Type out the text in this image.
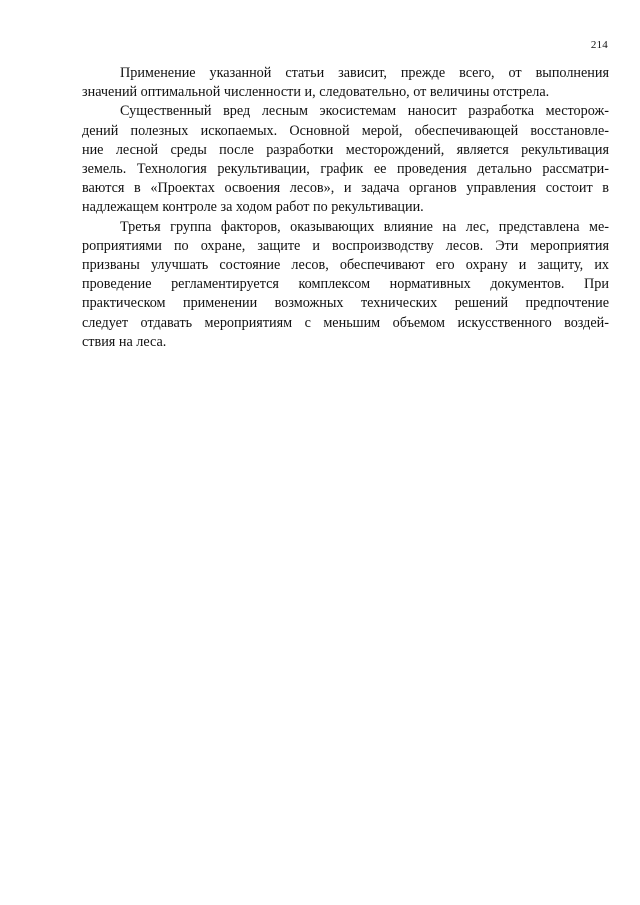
214
Применение указанной статьи зависит, прежде всего, от выполнения
значений оптимальной численности и, следовательно, от величины отстрела.
Существенный вред лесным экосистемам наносит разработка месторож-
дений полезных ископаемых. Основной мерой, обеспечивающей восстановле-
ние лесной среды после разработки месторождений, является рекультивация
земель. Технология рекультивации, график ее проведения детально рассматри-
ваются в «Проектах освоения лесов», и задача органов управления состоит в
надлежащем контроле за ходом работ по рекультивации.
Третья группа факторов, оказывающих влияние на лес, представлена ме-
роприятиями по охране, защите и воспроизводству лесов. Эти мероприятия
призваны улучшать состояние лесов, обеспечивают его охрану и защиту, их
проведение регламентируется комплексом нормативных документов. При
практическом применении возможных технических решений предпочтение
следует отдавать мероприятиям с меньшим объемом искусственного воздей-
ствия на леса.
